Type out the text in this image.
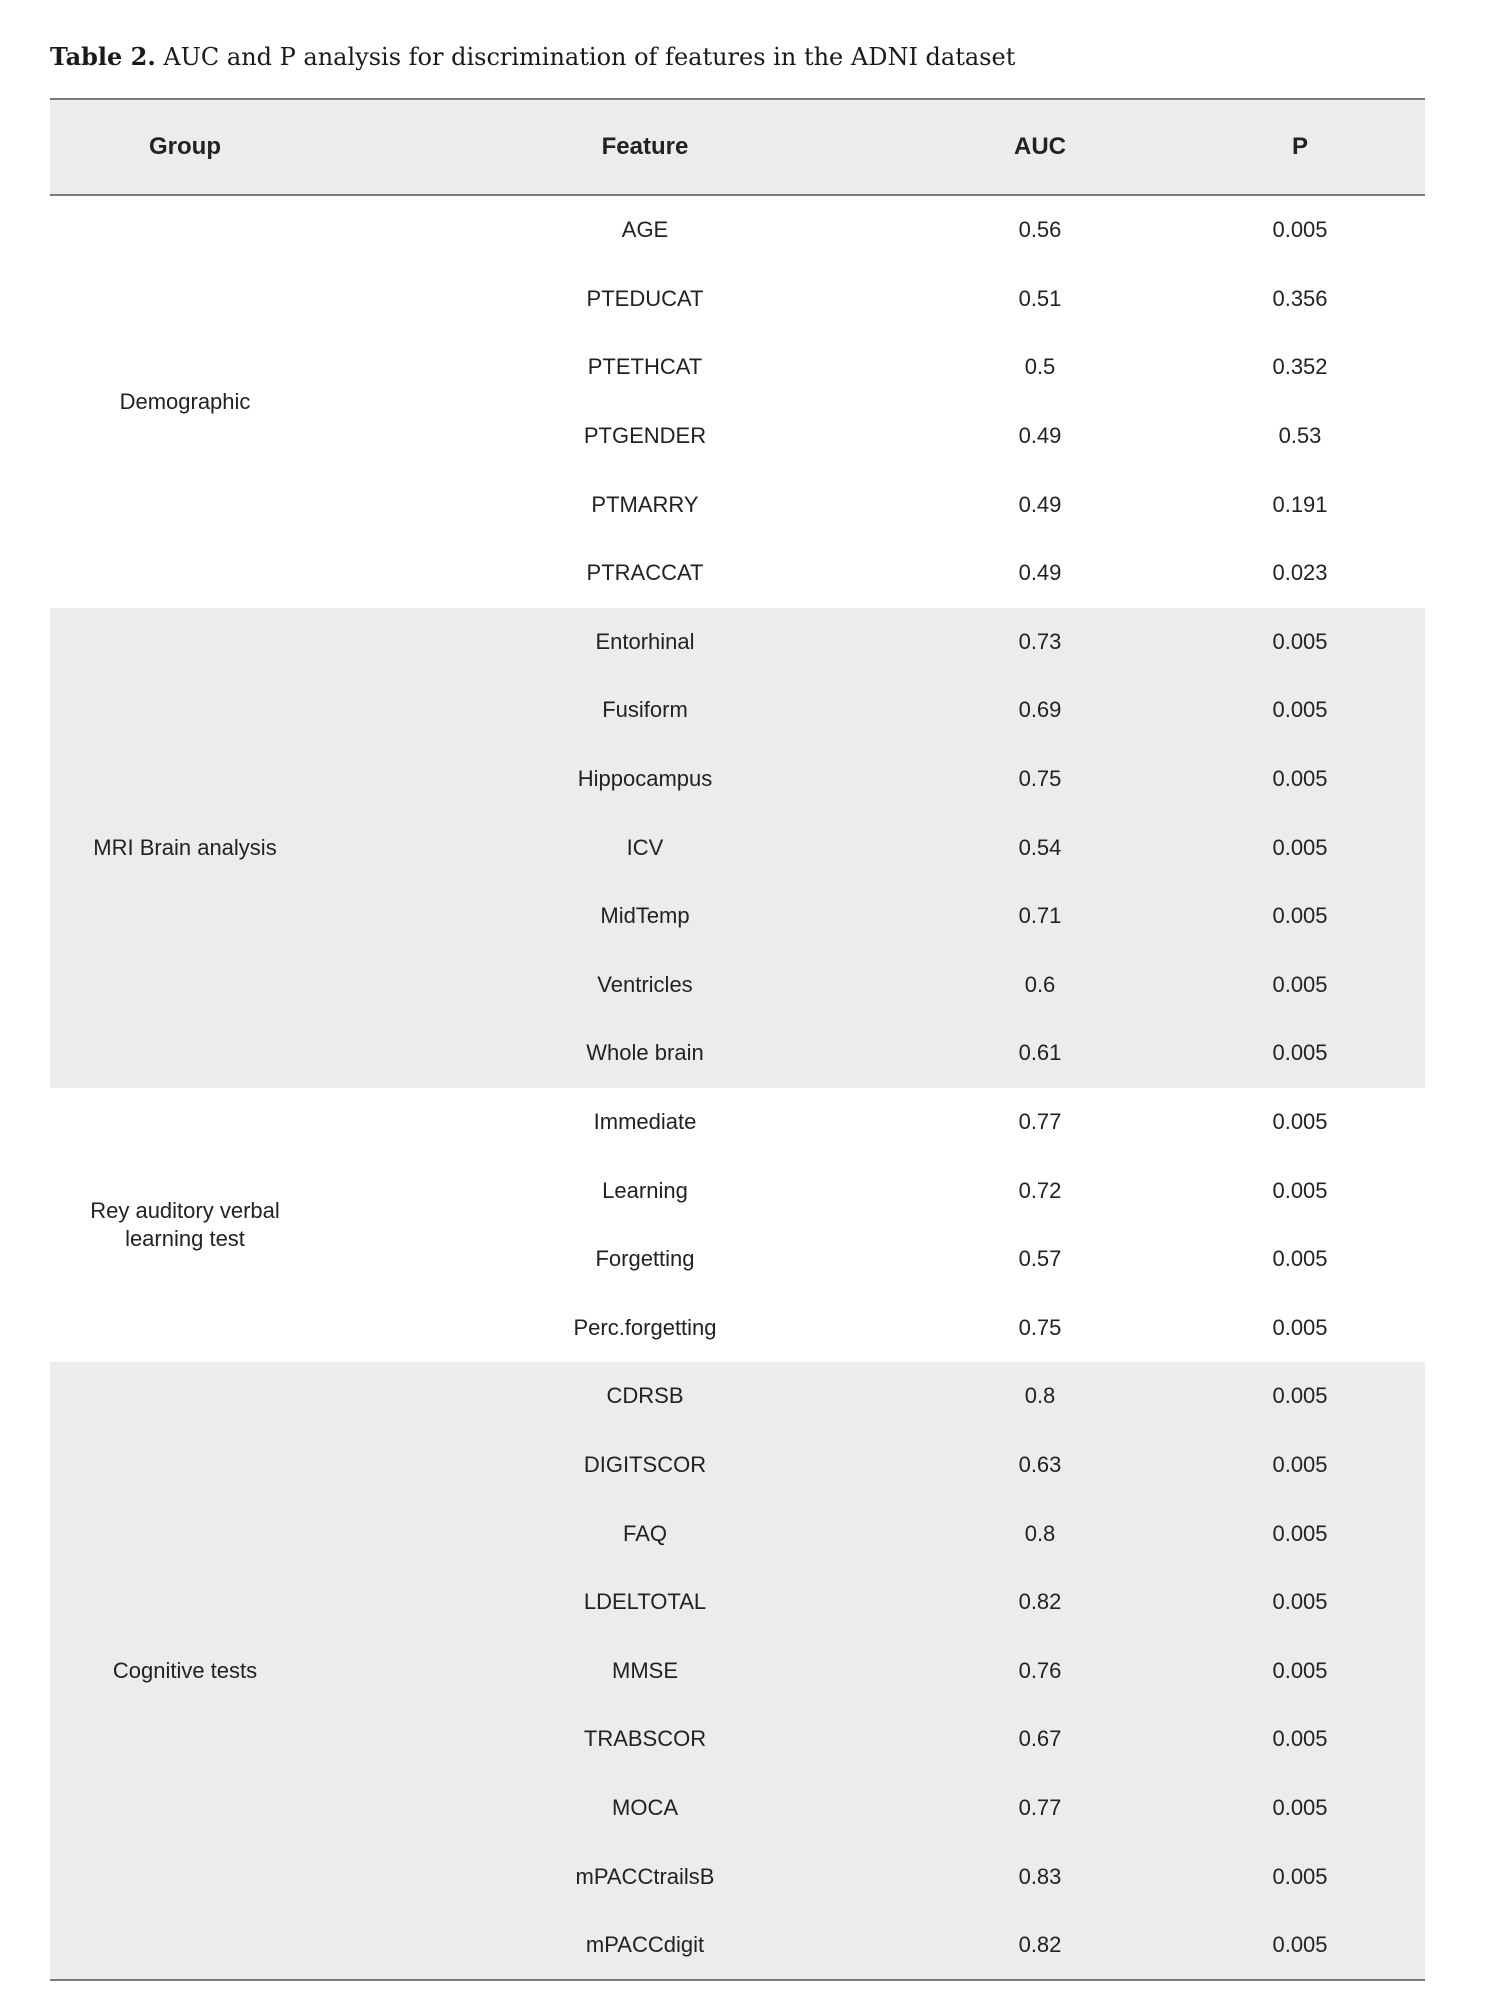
Table 2. AUC and P analysis for discrimination of features in the ADNI dataset
Group	Feature	AUC	P
Demographic
AGE	0.56	0.005
PTEDUCAT	0.51	0.356
PTETHCAT	0.5	0.352
PTGENDER	0.49	0.53
PTMARRY	0.49	0.191
PTRACCAT	0.49	0.023
MRI Brain analysis
Entorhinal	0.73	0.005
Fusiform	0.69	0.005
Hippocampus	0.75	0.005
ICV	0.54	0.005
MidTemp	0.71	0.005
Ventricles	0.6	0.005
Whole brain	0.61	0.005
Rey auditory verbal learning test
Immediate	0.77	0.005
Learning	0.72	0.005
Forgetting	0.57	0.005
Perc.forgetting	0.75	0.005
Cognitive tests
CDRSB	0.8	0.005
DIGITSCOR	0.63	0.005
FAQ	0.8	0.005
LDELTOTAL	0.82	0.005
MMSE	0.76	0.005
TRABSCOR	0.67	0.005
MOCA	0.77	0.005
mPACCtrailsB	0.83	0.005
mPACCdigit	0.82	0.005
